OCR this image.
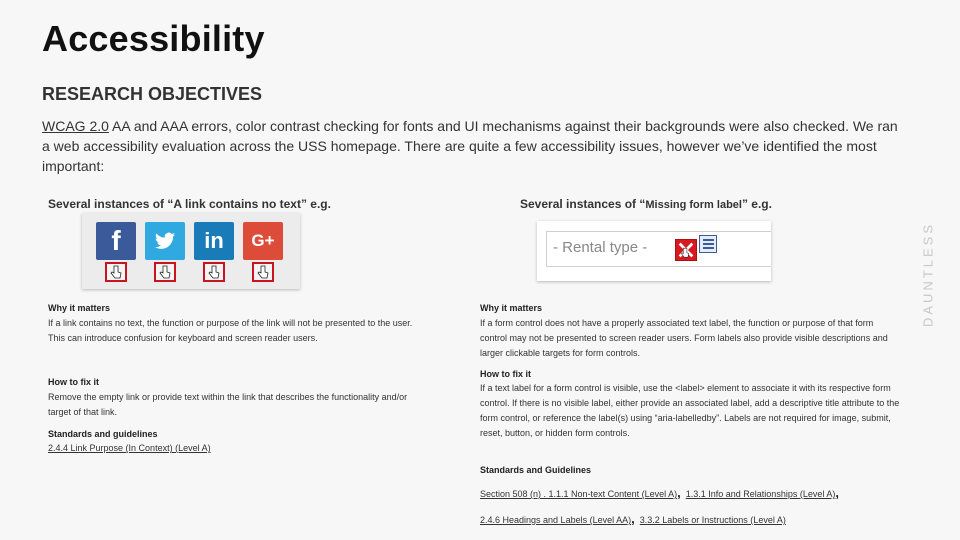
Accessibility
RESEARCH OBJECTIVES
WCAG 2.0 AA and AAA errors, color contrast checking for fonts and UI mechanisms against their backgrounds were also checked. We ran a web accessibility evaluation across the USS homepage. There are quite a few accessibility issues, however we’ve identified the most important:
DAUNTLESS
Several instances of “A link contains no text” e.g.
f	in	G+
Why it matters
If a link contains no text, the function or purpose of the link will not be presented to the user. This can introduce confusion for keyboard and screen reader users.
How to fix it
Remove the empty link or provide text within the link that describes the functionality and/or target of that link.
Standards and guidelines
2.4.4 Link Purpose (In Context) (Level A)
Several instances of “Missing form label” e.g.
- Rental type -
Why it matters
If a form control does not have a properly associated text label, the function or purpose of that form control may not be presented to screen reader users. Form labels also provide visible descriptions and larger clickable targets for form controls.
How to fix it
If a text label for a form control is visible, use the <label> element to associate it with its respective form control. If there is no visible label, either provide an associated label, add a descriptive title attribute to the form control, or reference the label(s) using “aria-labelledby”. Labels are not required for image, submit, reset, button, or hidden form controls.
Standards and Guidelines
Section 508 (n) . 1.1.1 Non-text Content (Level A), 1.3.1 Info and Relationships (Level A),
2.4.6 Headings and Labels (Level AA), 3.3.2 Labels or Instructions (Level A)
